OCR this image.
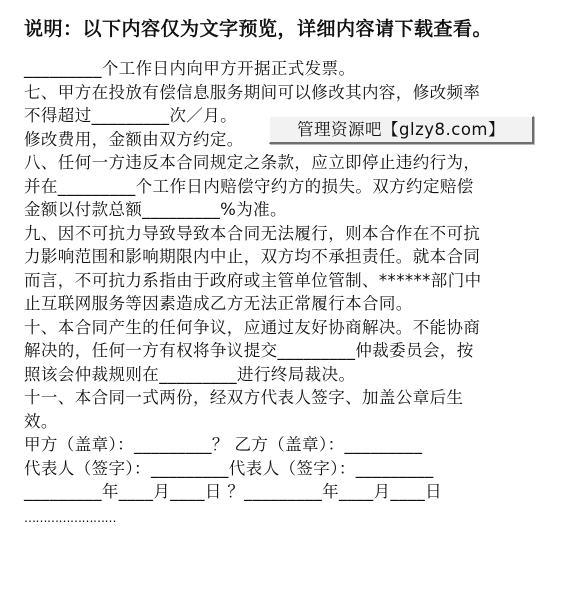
说明：以下内容仅为文字预览，详细内容请下载查看。
_________个工作日内向甲方开据正式发票。
七、甲方在投放有偿信息服务期间可以修改其内容，修改频率
不得超过_________次／月。
修改费用，金额由双方约定。
八、任何一方违反本合同规定之条款，应立即停止违约行为，
并在_________个工作日内赔偿守约方的损失。双方约定赔偿
金额以付款总额_________%为准。
九、因不可抗力导致导致本合同无法履行，则本合作在不可抗
力影响范围和影响期限内中止，双方均不承担责任。就本合同
而言，不可抗力系指由于政府或主管单位管制、******部门中
止互联网服务等因素造成乙方无法正常履行本合同。
十、本合同产生的任何争议，应通过友好协商解决。不能协商
解决的，任何一方有权将争议提交_________仲裁委员会，按
照该会仲裁规则在_________进行终局裁决。
十一、本合同一式两份，经双方代表人签字、加盖公章后生
效。
甲方（盖章）：_________？ 乙方（盖章）：_________
代表人（签字）：_________代表人（签字）：_________
_________年____月____日 ？_________年____月____日
……………………
管理资源吧【glzy8.com】
